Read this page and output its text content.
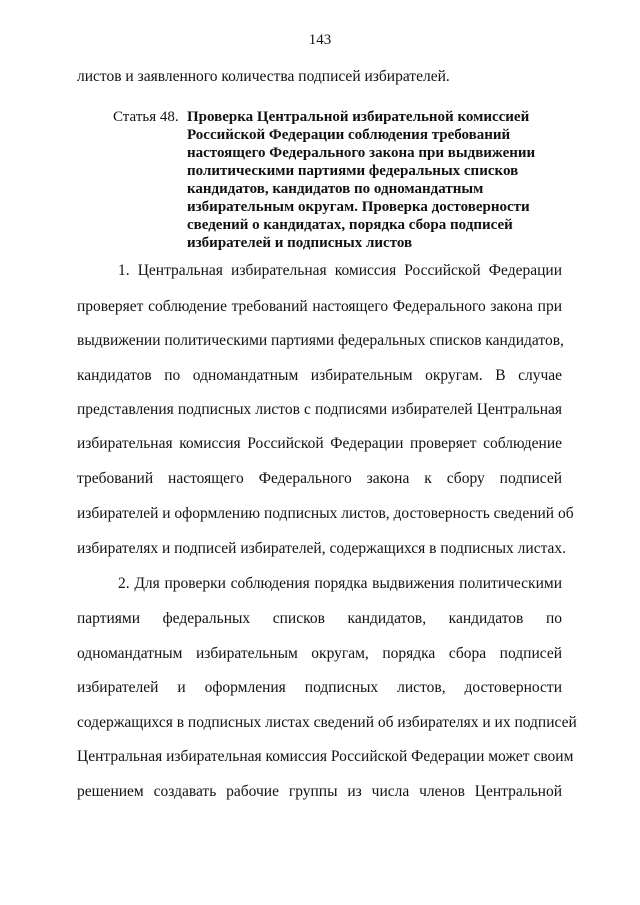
143
листов и заявленного количества подписей избирателей.
Статья 48. Проверка Центральной избирательной комиссией
Российской Федерации соблюдения требований
настоящего Федерального закона при выдвижении
политическими партиями федеральных списков
кандидатов, кандидатов по одномандатным
избирательным округам. Проверка достоверности
сведений о кандидатах, порядка сбора подписей
избирателей и подписных листов
1. Центральная избирательная комиссия Российской Федерации
проверяет соблюдение требований настоящего Федерального закона при
выдвижении политическими партиями федеральных списков кандидатов,
кандидатов по одномандатным избирательным округам. В случае
представления подписных листов с подписями избирателей Центральная
избирательная комиссия Российской Федерации проверяет соблюдение
требований настоящего Федерального закона к сбору подписей
избирателей и оформлению подписных листов, достоверность сведений об
избирателях и подписей избирателей, содержащихся в подписных листах.
2. Для проверки соблюдения порядка выдвижения политическими
партиями федеральных списков кандидатов, кандидатов по
одномандатным избирательным округам, порядка сбора подписей
избирателей и оформления подписных листов, достоверности
содержащихся в подписных листах сведений об избирателях и их подписей
Центральная избирательная комиссия Российской Федерации может своим
решением создавать рабочие группы из числа членов Центральной
